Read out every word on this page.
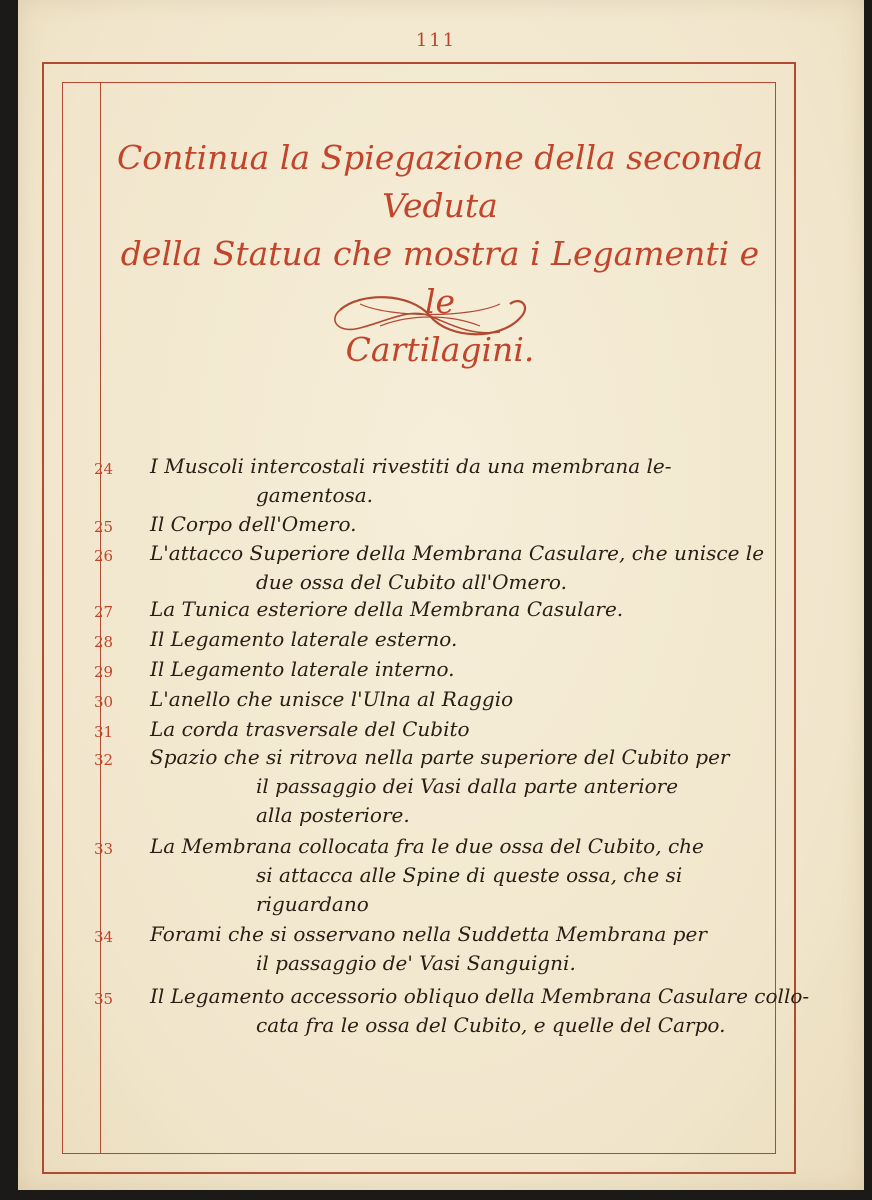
111
Continua la Spiegazione della seconda Veduta
della Statua che mostra i Legamenti e le
Cartilagini.
24	I Muscoli intercostali rivestiti da una membrana le-
gamentosa.
25	Il Corpo dell'Omero.
26	L'attacco Superiore della Membrana Casulare, che unisce le
due ossa del Cubito all'Omero.
27	La Tunica esteriore della Membrana Casulare.
28	Il Legamento laterale esterno.
29	Il Legamento laterale interno.
30	L'anello che unisce l'Ulna al Raggio
31	La corda trasversale del Cubito
32	Spazio che si ritrova nella parte superiore del Cubito per
il passaggio dei Vasi dalla parte anteriore
alla posteriore.
33	La Membrana collocata fra le due ossa del Cubito, che
si attacca alle Spine di queste ossa, che si
riguardano
34	Forami che si osservano nella Suddetta Membrana per
il passaggio de' Vasi Sanguigni.
35	Il Legamento accessorio obliquo della Membrana Casulare collo-
cata fra le ossa del Cubito, e quelle del Carpo.
